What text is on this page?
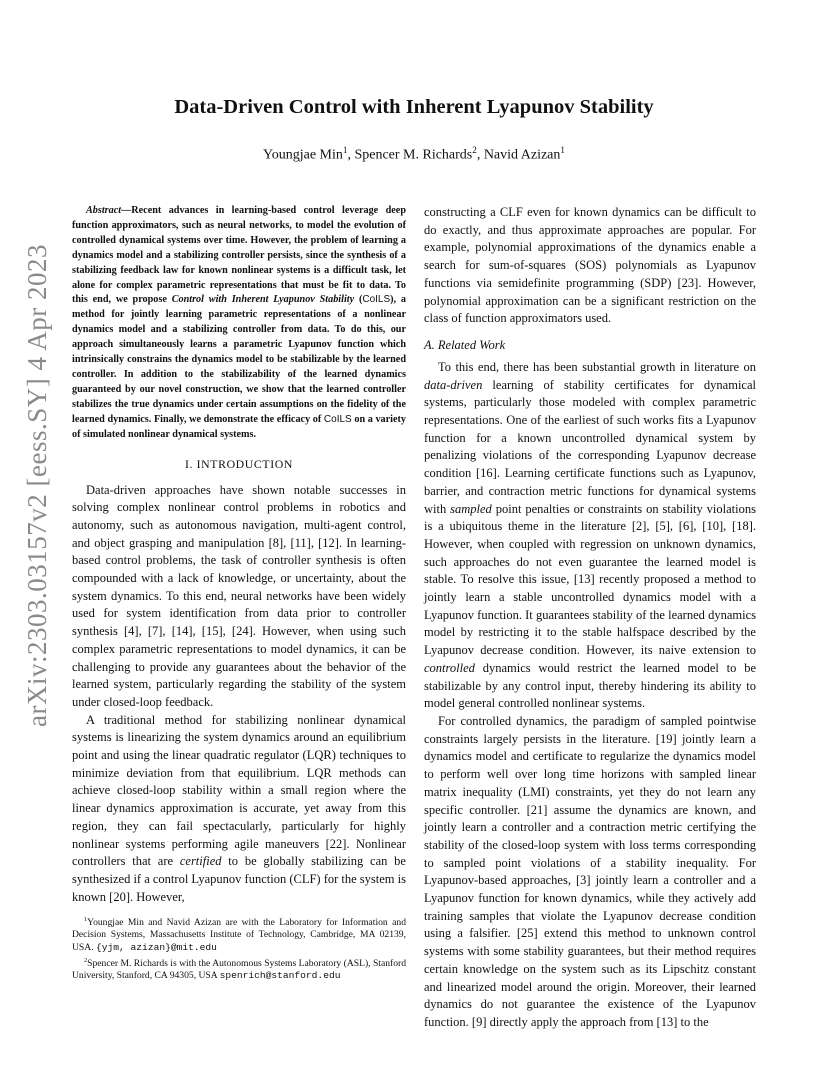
arXiv:2303.03157v2 [eess.SY] 4 Apr 2023
Data-Driven Control with Inherent Lyapunov Stability
Youngjae Min$^1$, Spencer M. Richards$^2$, Navid Azizan$^1$

Abstract—Recent advances in learning-based control leverage deep function approximators, such as neural networks, to model the evolution of controlled dynamical systems over time. However, the problem of learning a dynamics model and a stabilizing controller persists, since the synthesis of a stabilizing feedback law for known nonlinear systems is a difficult task, let alone for complex parametric representations that must be fit to data. To this end, we propose Control with Inherent Lyapunov Stability (CoILS), a method for jointly learning parametric representations of a nonlinear dynamics model and a stabilizing controller from data. To do this, our approach simultaneously learns a parametric Lyapunov function which intrinsically constrains the dynamics model to be stabilizable by the learned controller. In addition to the stabilizability of the learned dynamics guaranteed by our novel construction, we show that the learned controller stabilizes the true dynamics under certain assumptions on the fidelity of the learned dynamics. Finally, we demonstrate the efficacy of CoILS on a variety of simulated nonlinear dynamical systems.

I. INTRODUCTION

Data-driven approaches have shown notable successes in solving complex nonlinear control problems in robotics and autonomy, such as autonomous navigation, multi-agent control, and object grasping and manipulation [8], [11], [12]. In learning-based control problems, the task of controller synthesis is often compounded with a lack of knowledge, or uncertainty, about the system dynamics. To this end, neural networks have been widely used for system identification from data prior to controller synthesis [4], [7], [14], [15], [24]. However, when using such complex parametric representations to model dynamics, it can be challenging to provide any guarantees about the behavior of the learned system, particularly regarding the stability of the system under closed-loop feedback.

A traditional method for stabilizing nonlinear dynamical systems is linearizing the system dynamics around an equilibrium point and using the linear quadratic regulator (LQR) techniques to minimize deviation from that equilibrium. LQR methods can achieve closed-loop stability within a small region where the linear dynamics approximation is accurate, yet away from this region, they can fail spectacularly, particularly for highly nonlinear systems performing agile maneuvers [22]. Nonlinear controllers that are certified to be globally stabilizing can be synthesized if a control Lyapunov function (CLF) for the system is known [20]. However,

$^1$Youngjae Min and Navid Azizan are with the Laboratory for Information and Decision Systems, Massachusetts Institute of Technology, Cambridge, MA 02139, USA. {yjm, azizan}@mit.edu

$^2$Spencer M. Richards is with the Autonomous Systems Laboratory (ASL), Stanford University, Stanford, CA 94305, USA spenrich@stanford.edu

constructing a CLF even for known dynamics can be difficult to do exactly, and thus approximate approaches are popular. For example, polynomial approximations of the dynamics enable a search for sum-of-squares (SOS) polynomials as Lyapunov functions via semidefinite programming (SDP) [23]. However, polynomial approximation can be a significant restriction on the class of function approximators used.

A. Related Work

To this end, there has been substantial growth in literature on data-driven learning of stability certificates for dynamical systems, particularly those modeled with complex parametric representations. One of the earliest of such works fits a Lyapunov function for a known uncontrolled dynamical system by penalizing violations of the corresponding Lyapunov decrease condition [16]. Learning certificate functions such as Lyapunov, barrier, and contraction metric functions for dynamical systems with sampled point penalties or constraints on stability violations is a ubiquitous theme in the literature [2], [5], [6], [10], [18]. However, when coupled with regression on unknown dynamics, such approaches do not even guarantee the learned model is stable. To resolve this issue, [13] recently proposed a method to jointly learn a stable uncontrolled dynamics model with a Lyapunov function. It guarantees stability of the learned dynamics model by restricting it to the stable halfspace described by the Lyapunov decrease condition. However, its naive extension to controlled dynamics would restrict the learned model to be stabilizable by any control input, thereby hindering its ability to model general controlled nonlinear systems.

For controlled dynamics, the paradigm of sampled pointwise constraints largely persists in the literature. [19] jointly learn a dynamics model and certificate to regularize the dynamics model to perform well over long time horizons with sampled linear matrix inequality (LMI) constraints, yet they do not learn any specific controller. [21] assume the dynamics are known, and jointly learn a controller and a contraction metric certifying the stability of the closed-loop system with loss terms corresponding to sampled point violations of a stability inequality. For Lyapunov-based approaches, [3] jointly learn a controller and a Lyapunov function for known dynamics, while they actively add training samples that violate the Lyapunov decrease condition using a falsifier. [25] extend this method to unknown control systems with some stability guarantees, but their method requires certain knowledge on the system such as its Lipschitz constant and linearized model around the origin. Moreover, their learned dynamics do not guarantee the existence of the Lyapunov function. [9] directly apply the approach from [13] to the
